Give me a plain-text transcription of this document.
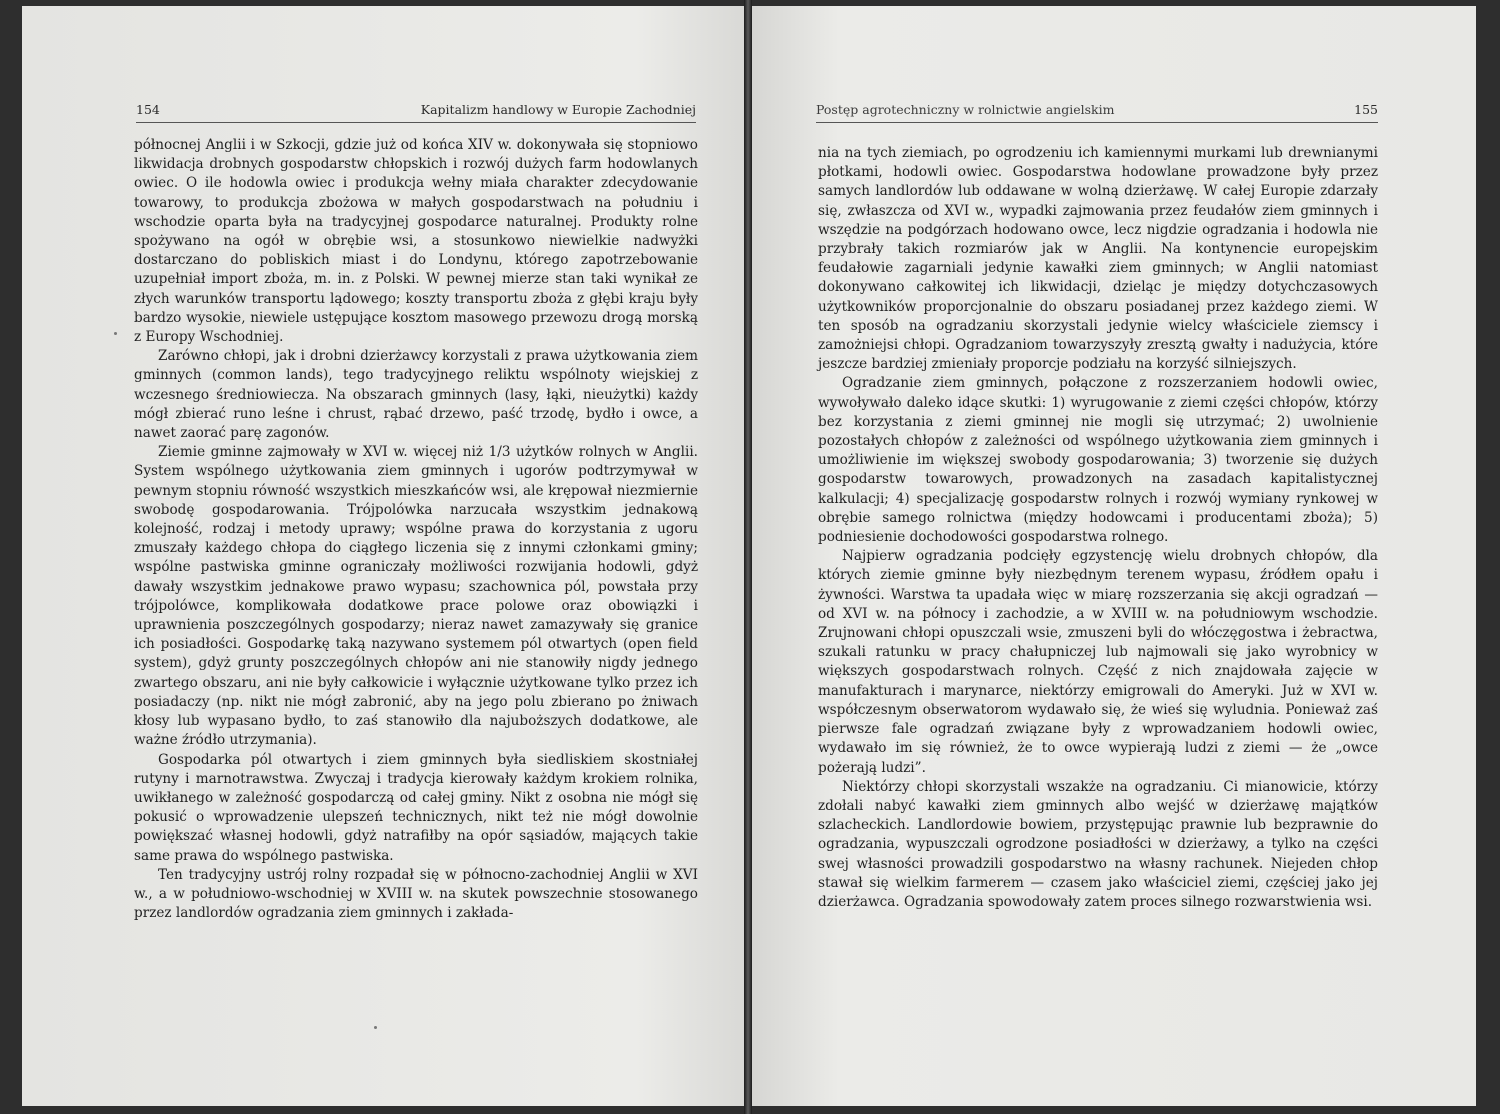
154	Kapitalizm handlowy w Europie Zachodniej

północnej Anglii i w Szkocji, gdzie już od końca XIV w. dokonywała się stopniowo likwidacja drobnych gospodarstw chłopskich i rozwój dużych farm hodowlanych owiec. O ile hodowla owiec i produkcja wełny miała charakter zdecydowanie towarowy, to produkcja zbożowa w małych gospodarstwach na południu i wschodzie oparta była na tradycyjnej gospodarce naturalnej. Produkty rolne spożywano na ogół w obrębie wsi, a stosunkowo niewielkie nadwyżki dostarczano do pobliskich miast i do Londynu, którego zapotrzebowanie uzupełniał import zboża, m. in. z Polski. W pewnej mierze stan taki wynikał ze złych warunków transportu lądowego; koszty transportu zboża z głębi kraju były bardzo wysokie, niewiele ustępujące kosztom masowego przewozu drogą morską z Europy Wschodniej.

Zarówno chłopi, jak i drobni dzierżawcy korzystali z prawa użytkowania ziem gminnych (common lands), tego tradycyjnego reliktu wspólnoty wiejskiej z wczesnego średniowiecza. Na obszarach gminnych (lasy, łąki, nieużytki) każdy mógł zbierać runo leśne i chrust, rąbać drzewo, paść trzodę, bydło i owce, a nawet zaorać parę zagonów.

Ziemie gminne zajmowały w XVI w. więcej niż 1/3 użytków rolnych w Anglii. System wspólnego użytkowania ziem gminnych i ugorów podtrzymywał w pewnym stopniu równość wszystkich mieszkańców wsi, ale krępował niezmiernie swobodę gospodarowania. Trójpolówka narzucała wszystkim jednakową kolejność, rodzaj i metody uprawy; wspólne prawa do korzystania z ugoru zmuszały każdego chłopa do ciągłego liczenia się z innymi członkami gminy; wspólne pastwiska gminne ograniczały możliwości rozwijania hodowli, gdyż dawały wszystkim jednakowe prawo wypasu; szachownica pól, powstała przy trójpolówce, komplikowała dodatkowe prace polowe oraz obowiązki i uprawnienia poszczególnych gospodarzy; nieraz nawet zamazywały się granice ich posiadłości. Gospodarkę taką nazywano systemem pól otwartych (open field system), gdyż grunty poszczególnych chłopów ani nie stanowiły nigdy jednego zwartego obszaru, ani nie były całkowicie i wyłącznie użytkowane tylko przez ich posiadaczy (np. nikt nie mógł zabronić, aby na jego polu zbierano po żniwach kłosy lub wypasano bydło, to zaś stanowiło dla najuboższych dodatkowe, ale ważne źródło utrzymania).

Gospodarka pól otwartych i ziem gminnych była siedliskiem skostniałej rutyny i marnotrawstwa. Zwyczaj i tradycja kierowały każdym krokiem rolnika, uwikłanego w zależność gospodarczą od całej gminy. Nikt z osobna nie mógł się pokusić o wprowadzenie ulepszeń technicznych, nikt też nie mógł dowolnie powiększać własnej hodowli, gdyż natrafiłby na opór sąsiadów, mających takie same prawa do wspólnego pastwiska.

Ten tradycyjny ustrój rolny rozpadał się w północno-zachodniej Anglii w XVI w., a w południowo-wschodniej w XVIII w. na skutek powszechnie stosowanego przez landlordów ogradzania ziem gminnych i zakłada-

Postęp agrotechniczny w rolnictwie angielskim	155

nia na tych ziemiach, po ogrodzeniu ich kamiennymi murkami lub drewnianymi płotkami, hodowli owiec. Gospodarstwa hodowlane prowadzone były przez samych landlordów lub oddawane w wolną dzierżawę. W całej Europie zdarzały się, zwłaszcza od XVI w., wypadki zajmowania przez feudałów ziem gminnych i wszędzie na podgórzach hodowano owce, lecz nigdzie ogradzania i hodowla nie przybrały takich rozmiarów jak w Anglii. Na kontynencie europejskim feudałowie zagarniali jedynie kawałki ziem gminnych; w Anglii natomiast dokonywano całkowitej ich likwidacji, dzieląc je między dotychczasowych użytkowników proporcjonalnie do obszaru posiadanej przez każdego ziemi. W ten sposób na ogradzaniu skorzystali jedynie wielcy właściciele ziemscy i zamożniejsi chłopi. Ogradzaniom towarzyszyły zresztą gwałty i nadużycia, które jeszcze bardziej zmieniały proporcje podziału na korzyść silniejszych.

Ogradzanie ziem gminnych, połączone z rozszerzaniem hodowli owiec, wywoływało daleko idące skutki: 1) wyrugowanie z ziemi części chłopów, którzy bez korzystania z ziemi gminnej nie mogli się utrzymać; 2) uwolnienie pozostałych chłopów z zależności od wspólnego użytkowania ziem gminnych i umożliwienie im większej swobody gospodarowania; 3) tworzenie się dużych gospodarstw towarowych, prowadzonych na zasadach kapitalistycznej kalkulacji; 4) specjalizację gospodarstw rolnych i rozwój wymiany rynkowej w obrębie samego rolnictwa (między hodowcami i producentami zboża); 5) podniesienie dochodowości gospodarstwa rolnego.

Najpierw ogradzania podcięły egzystencję wielu drobnych chłopów, dla których ziemie gminne były niezbędnym terenem wypasu, źródłem opału i żywności. Warstwa ta upadała więc w miarę rozszerzania się akcji ogradzań — od XVI w. na północy i zachodzie, a w XVIII w. na południowym wschodzie. Zrujnowani chłopi opuszczali wsie, zmuszeni byli do włóczęgostwa i żebractwa, szukali ratunku w pracy chałupniczej lub najmowali się jako wyrobnicy w większych gospodarstwach rolnych. Część z nich znajdowała zajęcie w manufakturach i marynarce, niektórzy emigrowali do Ameryki. Już w XVI w. współczesnym obserwatorom wydawało się, że wieś się wyludnia. Ponieważ zaś pierwsze fale ogradzań związane były z wprowadzaniem hodowli owiec, wydawało im się również, że to owce wypierają ludzi z ziemi — że „owce pożerają ludzi”.

Niektórzy chłopi skorzystali wszakże na ogradzaniu. Ci mianowicie, którzy zdołali nabyć kawałki ziem gminnych albo wejść w dzierżawę majątków szlacheckich. Landlordowie bowiem, przystępując prawnie lub bezprawnie do ogradzania, wypuszczali ogrodzone posiadłości w dzierżawy, a tylko na części swej własności prowadzili gospodarstwo na własny rachunek. Niejeden chłop stawał się wielkim farmerem — czasem jako właściciel ziemi, częściej jako jej dzierżawca. Ogradzania spowodowały zatem proces silnego rozwarstwienia wsi.
